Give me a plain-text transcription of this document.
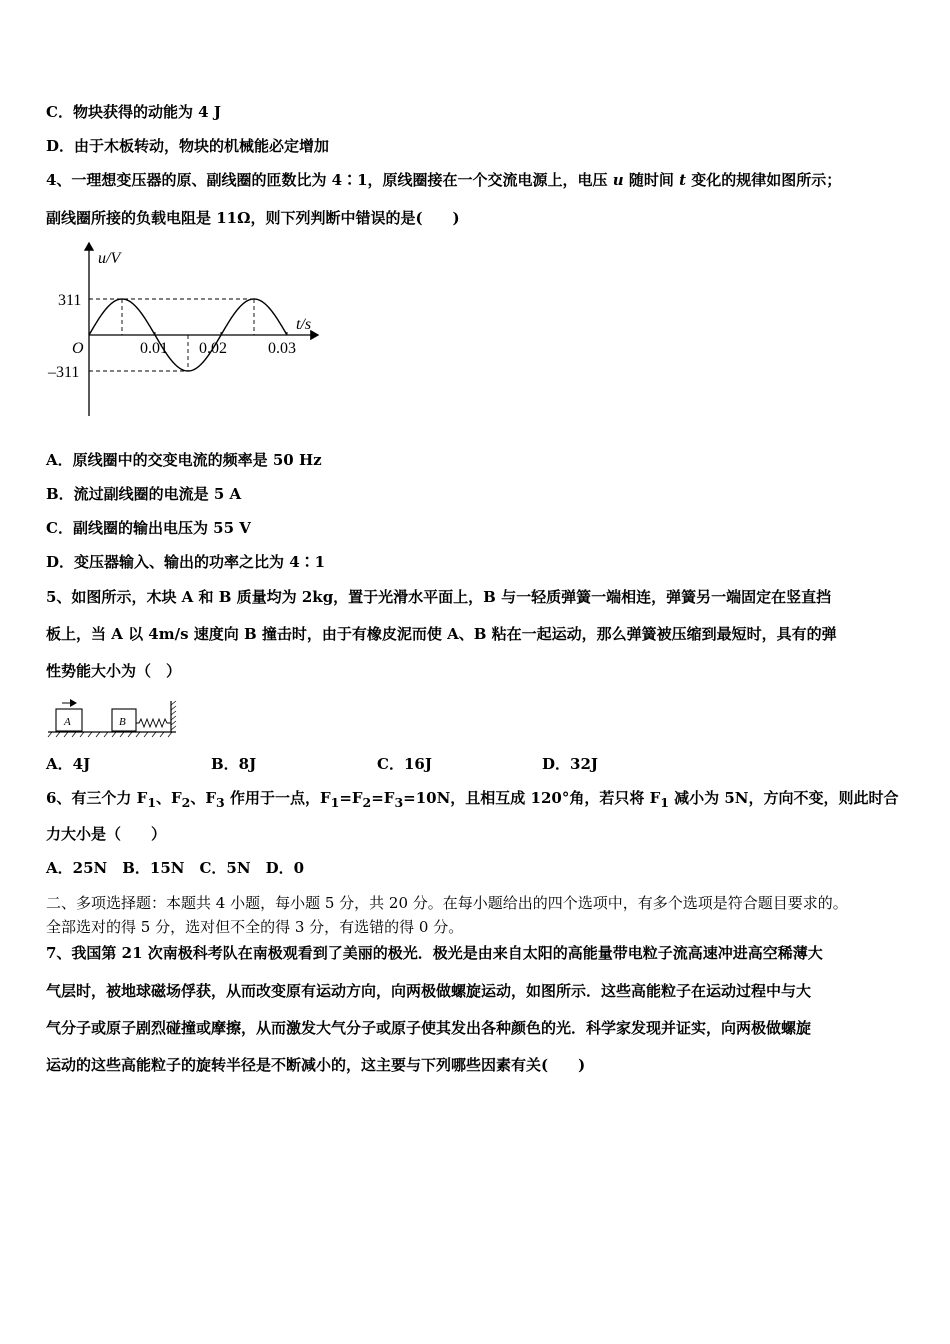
C．物块获得的动能为 4 J
D．由于木板转动，物块的机械能必定增加
4、一理想变压器的原、副线圈的匝数比为 4∶1，原线圈接在一个交流电源上，电压 u 随时间 t 变化的规律如图所示；
副线圈所接的负载电阻是 11Ω，则下列判断中错误的是(　　)
u/V
t/s
O
311
–311
0.01 0.02	0.03
A．原线圈中的交变电流的频率是 50 Hz
B．流过副线圈的电流是 5 A
C．副线圈的输出电压为 55 V
D．变压器输入、输出的功率之比为 4∶1
5、如图所示，木块 A 和 B 质量均为 2kg，置于光滑水平面上，B 与一轻质弹簧一端相连，弹簧另一端固定在竖直挡
板上，当 A 以 4m/s 速度向 B 撞击时，由于有橡皮泥而使 A、B 粘在一起运动，那么弹簧被压缩到最短时，具有的弹
性势能大小为（　）
A	B
A．4J	B．8J	C．16J	D．32J
6、有三个力 $F_1$、$F_2$、$F_3$ 作用于一点，$F_1=F_2=F_3=10N$，且相互成 120°角，若只将 $F_1$ 减小为 5N，方向不变，则此时合
力大小是（　　）
A．25N　B．15N　C．5N　D．0
二、多项选择题：本题共 4 小题，每小题 5 分，共 20 分。在每小题给出的四个选项中，有多个选项是符合题目要求的。
全部选对的得 5 分，选对但不全的得 3 分，有选错的得 0 分。
7、我国第 21 次南极科考队在南极观看到了美丽的极光．极光是由来自太阳的高能量带电粒子流高速冲进高空稀薄大
气层时，被地球磁场俘获，从而改变原有运动方向，向两极做螺旋运动，如图所示．这些高能粒子在运动过程中与大
气分子或原子剧烈碰撞或摩擦，从而激发大气分子或原子使其发出各种颜色的光．科学家发现并证实，向两极做螺旋
运动的这些高能粒子的旋转半径是不断减小的，这主要与下列哪些因素有关(　　)
